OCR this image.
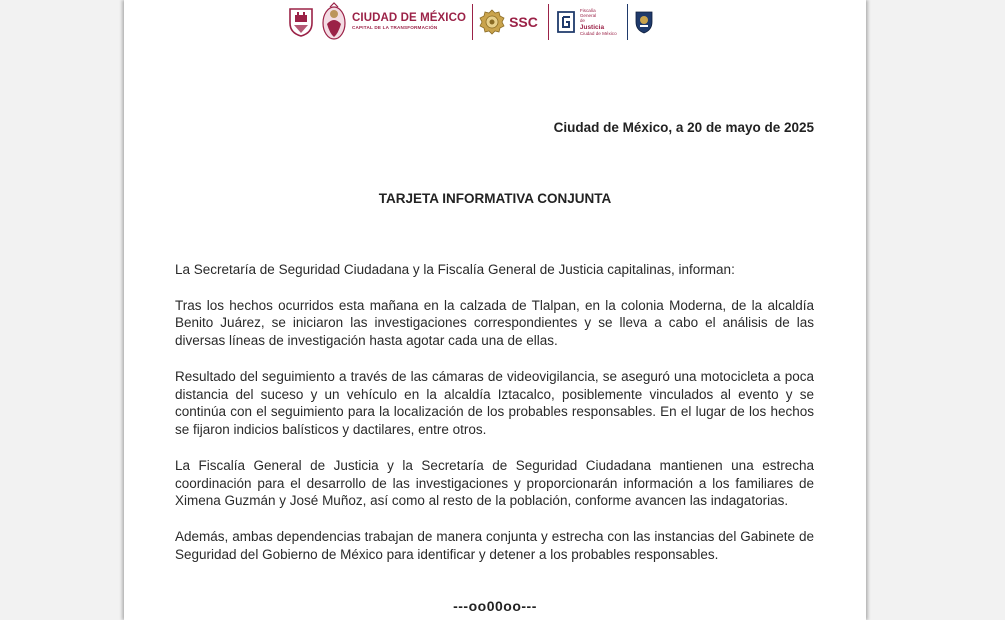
CIUDAD DE MÉXICO
CAPITAL DE LA TRANSFORMACIÓN	SSC
Fiscalía
General
de
Justicia
Ciudad de México
Ciudad de México, a 20 de mayo de 2025
TARJETA INFORMATIVA CONJUNTA

La Secretaría de Seguridad Ciudadana y la Fiscalía General de Justicia capitalinas, informan:

Tras los hechos ocurridos esta mañana en la calzada de Tlalpan, en la colonia Moderna, de la alcaldía Benito Juárez, se iniciaron las investigaciones correspondientes y se lleva a cabo el análisis de las diversas líneas de investigación hasta agotar cada una de ellas.

Resultado del seguimiento a través de las cámaras de videovigilancia, se aseguró una motocicleta a poca distancia del suceso y un vehículo en la alcaldía Iztacalco, posiblemente vinculados al evento y se continúa con el seguimiento para la localización de los probables responsables. En el lugar de los hechos se fijaron indicios balísticos y dactilares, entre otros.

La Fiscalía General de Justicia y la Secretaría de Seguridad Ciudadana mantienen una estrecha coordinación para el desarrollo de las investigaciones y proporcionarán información a los familiares de Ximena Guzmán y José Muñoz, así como al resto de la población, conforme avancen las indagatorias.

Además, ambas dependencias trabajan de manera conjunta y estrecha con las instancias del Gabinete de Seguridad del Gobierno de México para identificar y detener a los probables responsables.

---oo00oo---
